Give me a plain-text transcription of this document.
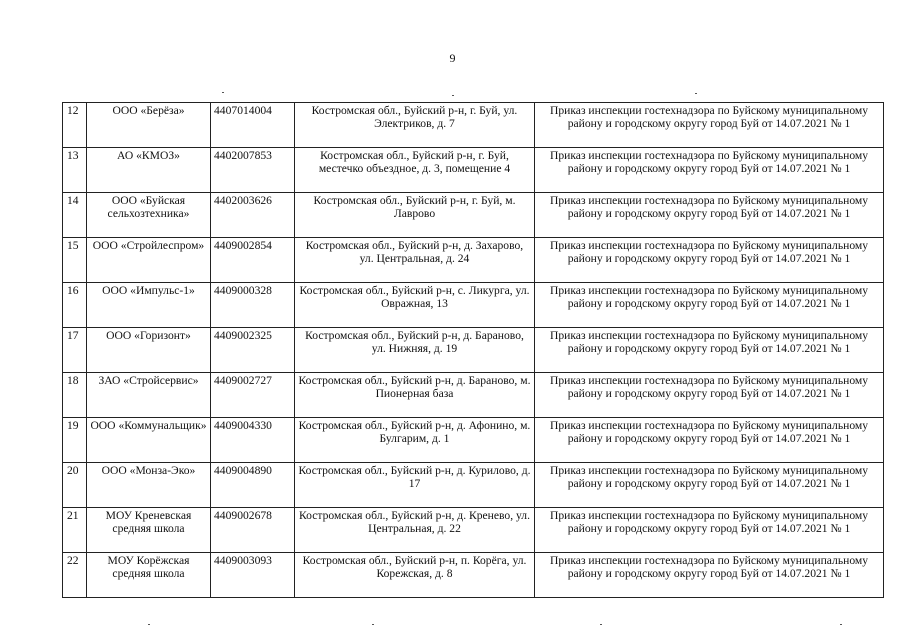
9
12	ООО «Берёза»	4407014004	Костромская обл., Буйский р-н, г. Буй, ул. Электриков, д. 7	Приказ инспекции гостехнадзора по Буйскому муниципальному району и городскому округу город Буй от 14.07.2021 № 1
13	АО «КМОЗ»	4402007853	Костромская обл., Буйский р-н, г. Буй, местечко объездное, д. 3, помещение 4	Приказ инспекции гостехнадзора по Буйскому муниципальному району и городскому округу город Буй от 14.07.2021 № 1
14	ООО «Буйская сельхозтехника»	4402003626	Костромская обл., Буйский р-н, г. Буй, м. Лаврово	Приказ инспекции гостехнадзора по Буйскому муниципальному району и городскому округу город Буй от 14.07.2021 № 1
15	ООО «Стройлеспром»	4409002854	Костромская обл., Буйский р-н, д. Захарово, ул. Центральная, д. 24	Приказ инспекции гостехнадзора по Буйскому муниципальному району и городскому округу город Буй от 14.07.2021 № 1
16	ООО «Импульс-1»	4409000328	Костромская обл., Буйский р-н, с. Ликурга, ул. Овражная, 13	Приказ инспекции гостехнадзора по Буйскому муниципальному району и городскому округу город Буй от 14.07.2021 № 1
17	ООО «Горизонт»	4409002325	Костромская обл., Буйский р-н, д. Бараново, ул. Нижняя, д. 19	Приказ инспекции гостехнадзора по Буйскому муниципальному району и городскому округу город Буй от 14.07.2021 № 1
18	ЗАО «Стройсервис»	4409002727	Костромская обл., Буйский р-н, д. Бараново, м. Пионерная база	Приказ инспекции гостехнадзора по Буйскому муниципальному району и городскому округу город Буй от 14.07.2021 № 1
19	ООО «Коммунальщик»	4409004330	Костромская обл., Буйский р-н, д. Афонино, м. Булгарим, д. 1	Приказ инспекции гостехнадзора по Буйскому муниципальному району и городскому округу город Буй от 14.07.2021 № 1
20	ООО «Монза-Эко»	4409004890	Костромская обл., Буйский р-н, д. Курилово, д. 17	Приказ инспекции гостехнадзора по Буйскому муниципальному району и городскому округу город Буй от 14.07.2021 № 1
21	МОУ Креневская средняя школа	4409002678	Костромская обл., Буйский р-н, д. Кренево, ул. Центральная, д. 22	Приказ инспекции гостехнадзора по Буйскому муниципальному району и городскому округу город Буй от 14.07.2021 № 1
22	МОУ Корёжская средняя школа	4409003093	Костромская обл., Буйский р-н, п. Корёга, ул. Корежская, д. 8	Приказ инспекции гостехнадзора по Буйскому муниципальному району и городскому округу город Буй от 14.07.2021 № 1
